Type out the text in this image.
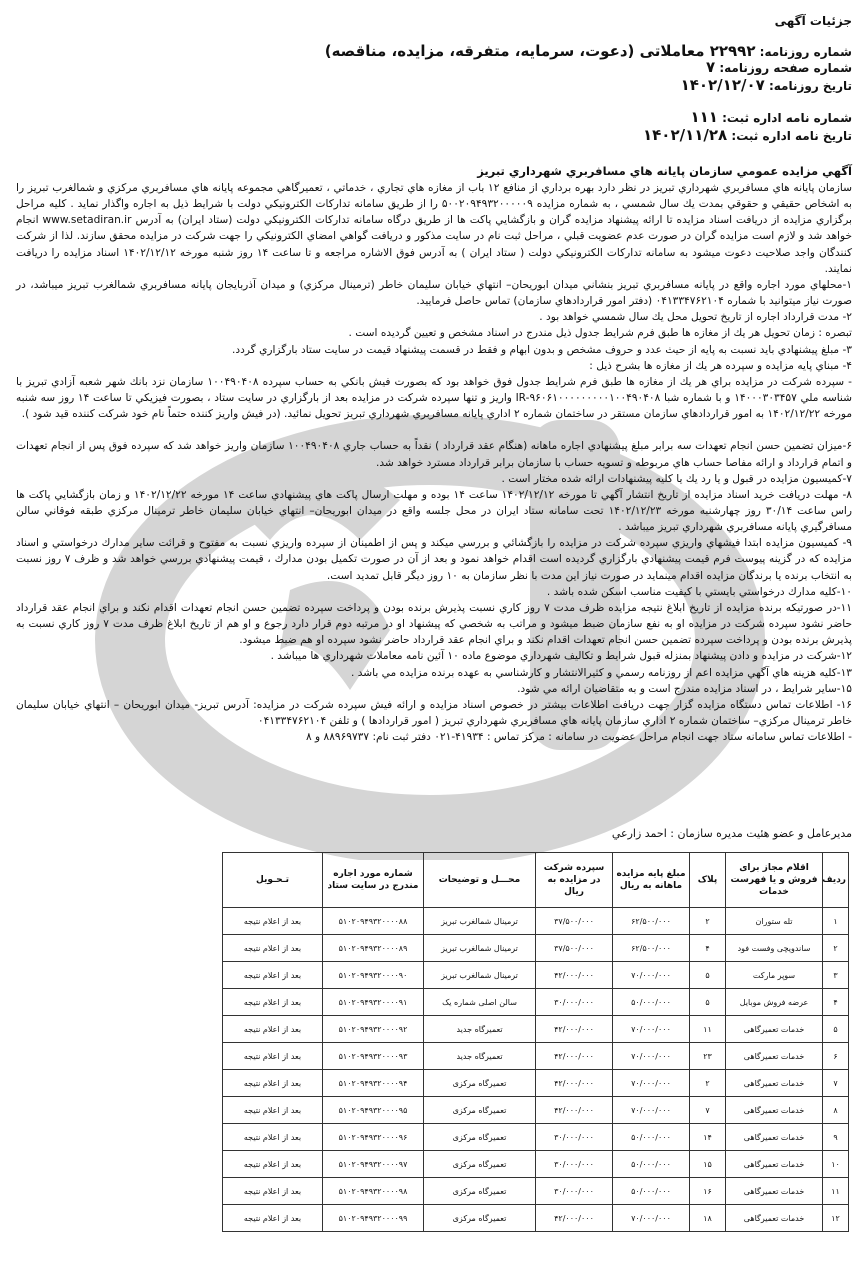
جزئیات آگهی
شماره روزنامه: ۲۲۹۹۲ معاملاتی (دعوت، سرمایه، متفرقه، مزایده، مناقصه)
شماره صفحه روزنامه: ۷
تاریخ روزنامه: ۱۴۰۲/۱۲/۰۷
شماره نامه اداره ثبت: ۱۱۱
تاریخ نامه اداره ثبت: ۱۴۰۲/۱۱/۲۸
آگهي مزايده عمومي سازمان پايانه هاي مسافربري شهرداري تبريز

سازمان پايانه هاي مسافربري شهرداري تبريز در نظر دارد بهره برداري از منافع ۱۲ باب از مغازه هاي تجاري ، خدماتي ، تعميرگاهي مجموعه پايانه هاي مسافربري مركزي و شمالغرب تبريز را به اشخاص حقيقي و حقوقي بمدت يك سال شمسي ، به شماره مزايده ۵۰۰۲۰۹۴۹۳۲۰۰۰۰۰۹ را از طريق سامانه تداركات الكترونيكي دولت با شرايط ذيل به اجاره واگذار نمايد . كليه مراحل برگزاري مزايده از دريافت اسناد مزايده تا ارائه پيشنهاد مزايده گران و بازگشايي پاكت ها از طريق درگاه سامانه تداركات الكترونيكي دولت (ستاد ايران) به آدرس www.setadiran.ir انجام خواهد شد و لازم است مزايده گران در صورت عدم عضويت قبلي ، مراحل ثبت نام در سايت مذكور و دريافت گواهي امضاي الكترونيكي را جهت شركت در مزايده محقق سازند. لذا از شركت كنندگان واجد صلاحيت دعوت ميشود به سامانه تداركات الكترونيكي دولت ( ستاد ايران ) به آدرس فوق الاشاره مراجعه و تا ساعت ۱۴ روز شنبه مورخه ۱۴۰۲/۱۲/۱۲ اسناد مزايده را دريافت نمايند.

۱-محلهاي مورد اجاره واقع در پايانه مسافربري تبريز بنشاني ميدان ابوريحان– انتهاي خيابان سليمان خاطر (ترمينال مركزي) و ميدان آذربايجان پايانه مسافربري شمالغرب تبريز ميباشد، در صورت نياز ميتوانيد با شماره ۰۴۱۳۳۴۷۶۲۱۰۴ (دفتر امور قراردادهاي سازمان) تماس حاصل فرماييد.

۲- مدت قرارداد اجاره از تاريخ تحويل محل يك سال شمسي خواهد بود .

تبصره : زمان تحويل هر يك از مغازه ها طبق فرم شرايط جدول ذيل مندرج در اسناد مشخص و تعيين گرديده است .

۳- مبلغ پيشنهادي بايد نسبت به پايه از حيث عدد و حروف مشخص و بدون ابهام و فقط در قسمت پيشنهاد قيمت در سايت ستاد بارگزاري گردد.

۴- مبناي پايه مزايده و سپرده هر يك از مغازه ها بشرح ذيل :

- سپرده شركت در مزايده براي هر يك از مغازه ها طبق فرم شرايط جدول فوق خواهد بود كه بصورت فيش بانكي به حساب سپرده ۱۰۰۴۹۰۴۰۸ سازمان نزد بانك شهر شعبه آزادي تبريز با شناسه ملي ۱۴۰۰۰۳۰۳۴۵۷ و با شماره شبا IR-۹۶۰۶۱۰۰۰۰۰۰۰۰۰۱۰۰۴۹۰۴۰۸ واريز و تنها سپرده شركت در مزايده بعد از بارگزاري در سايت ستاد ، بصورت فيزيكي تا ساعت ۱۴ روز سه شنبه مورخه ۱۴۰۲/۱۲/۲۲ به امور قراردادهاي سازمان مستقر در ساختمان شماره ۲ اداري پايانه مسافربري شهرداري تبريز تحويل نمائيد. (در فيش واريز كننده حتماً نام خود شركت كننده قيد شود ).

۶-ميزان تضمين حسن انجام تعهدات سه برابر مبلغ پيشنهادي اجاره ماهانه (هنگام عقد قرارداد ) نقداً به حساب جاري ۱۰۰۴۹۰۴۰۸ سازمان واريز خواهد شد كه سپرده فوق پس از انجام تعهدات و اتمام قرارداد و ارائه مفاصا حساب هاي مربوطه و تسويه حساب با سازمان برابر قرارداد مسترد خواهد شد.

۷-كميسيون مزايده در قبول و يا رد يك يا كليه پيشنهادات ارائه شده مختار است .

۸- مهلت دريافت خريد اسناد مزايده از تاريخ انتشار آگهي تا مورخه ۱۴۰۲/۱۲/۱۲ ساعت ۱۴ بوده و مهلت ارسال پاكت هاي پيشنهادي ساعت ۱۴ مورخه ۱۴۰۲/۱۲/۲۲ و زمان بازگشايي پاكت ها راس ساعت ۳۰/۱۴ روز چهارشنبه مورخه ۱۴۰۲/۱۲/۲۳ تحت سامانه ستاد ايران در محل جلسه واقع در ميدان ابوريحان– انتهاي خيابان سليمان خاطر ترمينال مركزي طبقه فوقاني سالن مسافرگيري پايانه مسافربري شهرداري تبريز ميباشد .

۹- كميسيون مزايده ابتدا فيشهاي واريزي سپرده شركت در مزايده را بازگشائي و بررسي ميكند و پس از اطمينان از سپرده واريزي نسبت به مفتوح و قرائت ساير مدارك درخواستي و اسناد مزايده كه در گزينه پيوست فرم قيمت پيشنهادي بارگزاري گرديده است اقدام خواهد نمود و بعد از آن در صورت تكميل بودن مدارك ، قيمت پيشنهادي بررسي خواهد شد و ظرف ۷ روز نسبت به انتخاب برنده يا برندگان مزايده اقدام مينمايد در صورت نياز اين مدت با نظر سازمان به ۱۰ روز ديگر قابل تمديد است.

۱۰-كليه مدارك درخواستي بايستي با كيفيت مناسب اسكن شده باشد .

۱۱-در صورتيكه برنده مزايده از تاريخ ابلاغ نتيجه مزايده ظرف مدت ۷ روز كاري نسبت پذيرش برنده بودن و پرداخت سپرده تضمين حسن انجام تعهدات اقدام نكند و براي انجام عقد قرارداد حاضر نشود سپرده شركت در مزايده او به نفع سازمان ضبط ميشود و مراتب به شخصي كه پيشنهاد او در مرتبه دوم قرار دارد رجوع و او هم از تاريخ ابلاغ ظرف مدت ۷ روز كاري نسبت به پذيرش برنده بودن و پرداخت سپرده تضمين حسن انجام تعهدات اقدام نكند و براي انجام عقد قرارداد حاضر نشود سپرده او هم ضبط ميشود.

۱۲-شركت در مزايده و دادن پيشنهاد بمنزله قبول شرايط و تكاليف شهرداري موضوع ماده ۱۰ آئين نامه معاملات شهرداري ها ميباشد .

۱۳-كليه هزينه هاي آگهي مزايده اعم از روزنامه رسمي و كثيرالانتشار و كارشناسي به عهده برنده مزايده مي باشد .

۱۵-ساير شرايط ، در اسناد مزايده مندرج است و به متقاضيان ارائه مي شود.

۱۶- اطلاعات تماس دستگاه مزايده گزار جهت دريافت اطلاعات بيشتر در خصوص اسناد مزايده و ارائه فيش سپرده شركت در مزايده: آدرس تبريز- ميدان ابوريحان – انتهاي خيابان سليمان خاطر ترمينال مركزي– ساختمان شماره ۲ اداري سازمان پايانه هاي مسافربري شهرداري تبريز ( امور قراردادها ) و تلفن ۰۴۱۳۳۴۷۶۲۱۰۴

- اطلاعات تماس سامانه ستاد جهت انجام مراحل عضويت در سامانه : مركز تماس : ۴۱۹۳۴-۰۲۱ دفتر ثبت نام: ۸۸۹۶۹۷۳۷ و ۸

مديرعامل و عضو هئيت مديره سازمان : احمد زارعي
ردیف	اقلام مجاز برای فروش و یا فهرست خدمات	پلاک	مبلغ پایه مزایده ماهانه به ریال	سپرده شرکت در مزایده به ریال	محـــل و توضیحات	شماره مورد اجاره مندرج در سایت ستاد	تـحـویل
۱	تله ستوران	۲	۶۲/۵۰۰/۰۰۰	۳۷/۵۰۰/۰۰۰	ترمینال شمالغرب تبریز	۵۱۰۲۰۹۴۹۳۲۰۰۰۰۸۸	بعد از اعلام نتیجه
۲	ساندویچی وفست فود	۴	۶۲/۵۰۰/۰۰۰	۳۷/۵۰۰/۰۰۰	ترمینال شمالغرب تبریز	۵۱۰۲۰۹۴۹۳۲۰۰۰۰۸۹	بعد از اعلام نتیجه
۳	سوپر مارکت	۵	۷۰/۰۰۰/۰۰۰	۴۲/۰۰۰/۰۰۰	ترمینال شمالغرب تبریز	۵۱۰۲۰۹۴۹۳۲۰۰۰۰۹۰	بعد از اعلام نتیجه
۴	عرضه فروش موبایل	۵	۵۰/۰۰۰/۰۰۰	۳۰/۰۰۰/۰۰۰	سالن اصلی شماره یک	۵۱۰۲۰۹۴۹۳۲۰۰۰۰۹۱	بعد از اعلام نتیجه
۵	خدمات تعمیرگاهی	۱۱	۷۰/۰۰۰/۰۰۰	۴۲/۰۰۰/۰۰۰	تعمیرگاه جدید	۵۱۰۲۰۹۴۹۳۲۰۰۰۰۹۲	بعد از اعلام نتیجه
۶	خدمات تعمیرگاهی	۲۳	۷۰/۰۰۰/۰۰۰	۴۲/۰۰۰/۰۰۰	تعمیرگاه جدید	۵۱۰۲۰۹۴۹۳۲۰۰۰۰۹۳	بعد از اعلام نتیجه
۷	خدمات تعمیرگاهی	۲	۷۰/۰۰۰/۰۰۰	۴۲/۰۰۰/۰۰۰	تعمیرگاه مرکزی	۵۱۰۲۰۹۴۹۳۲۰۰۰۰۹۴	بعد از اعلام نتیجه
۸	خدمات تعمیرگاهی	۷	۷۰/۰۰۰/۰۰۰	۴۲/۰۰۰/۰۰۰	تعمیرگاه مرکزی	۵۱۰۲۰۹۴۹۳۲۰۰۰۰۹۵	بعد از اعلام نتیجه
۹	خدمات تعمیرگاهی	۱۴	۵۰/۰۰۰/۰۰۰	۳۰/۰۰۰/۰۰۰	تعمیرگاه مرکزی	۵۱۰۲۰۹۴۹۳۲۰۰۰۰۹۶	بعد از اعلام نتیجه
۱۰	خدمات تعمیرگاهی	۱۵	۵۰/۰۰۰/۰۰۰	۳۰/۰۰۰/۰۰۰	تعمیرگاه مرکزی	۵۱۰۲۰۹۴۹۳۲۰۰۰۰۹۷	بعد از اعلام نتیجه
۱۱	خدمات تعمیرگاهی	۱۶	۵۰/۰۰۰/۰۰۰	۳۰/۰۰۰/۰۰۰	تعمیرگاه مرکزی	۵۱۰۲۰۹۴۹۳۲۰۰۰۰۹۸	بعد از اعلام نتیجه
۱۲	خدمات تعمیرگاهی	۱۸	۷۰/۰۰۰/۰۰۰	۴۲/۰۰۰/۰۰۰	تعمیرگاه مرکزی	۵۱۰۲۰۹۴۹۳۲۰۰۰۰۹۹	بعد از اعلام نتیجه
